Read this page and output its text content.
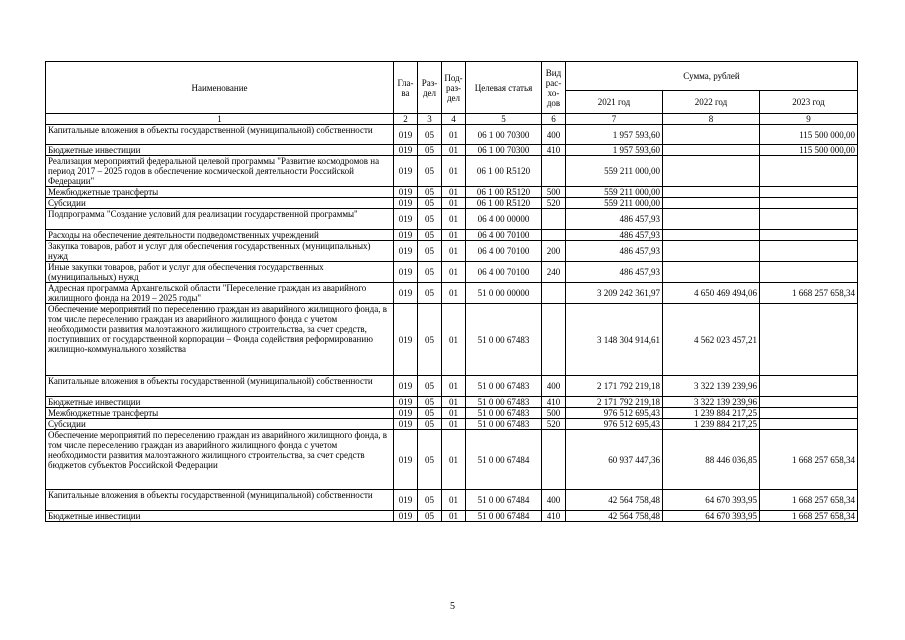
Наименование	Гла-ва	Раз-дел	Под-раз-дел	Целевая статья	Вид рас-хо-дов	Сумма, рублей		
						2021 год	2022 год	2023 год
1	2	3	4	5	6	7	8	9
Капитальные вложения в объекты государственной (муниципальной) собственности	019	05	01	06 1 00 70300	400	1 957 593,60		115 500 000,00
Бюджетные инвестиции	019	05	01	06 1 00 70300	410	1 957 593,60		115 500 000,00
Реализация мероприятий федеральной целевой программы "Развитие космодромов на период 2017 – 2025 годов в обеспечение космической деятельности Российской Федерации"	019	05	01	06 1 00 R5120		559 211 000,00		
Межбюджетные трансферты	019	05	01	06 1 00 R5120	500	559 211 000,00		
Субсидии	019	05	01	06 1 00 R5120	520	559 211 000,00		
Подпрограмма "Создание условий для реализации государственной программы"	019	05	01	06 4 00 00000		486 457,93		
Расходы на обеспечение деятельности подведомственных учреждений	019	05	01	06 4 00 70100		486 457,93		
Закупка товаров, работ и услуг для обеспечения государственных (муниципальных) нужд	019	05	01	06 4 00 70100	200	486 457,93		
Иные закупки товаров, работ и услуг для обеспечения государственных (муниципальных) нужд	019	05	01	06 4 00 70100	240	486 457,93		
Адресная программа Архангельской области "Переселение граждан из аварийного жилищного фонда на 2019 – 2025 годы"	019	05	01	51 0 00 00000		3 209 242 361,97	4 650 469 494,06	1 668 257 658,34
Обеспечение мероприятий по переселению граждан из аварийного жилищного фонда, в том числе переселению граждан из аварийного жилищного фонда с учетом необходимости развития малоэтажного жилищного строительства, за счет средств, поступивших от государственной корпорации – Фонда содействия реформированию жилищно-коммунального хозяйства	019	05	01	51 0 00 67483		3 148 304 914,61	4 562 023 457,21	
Капитальные вложения в объекты государственной (муниципальной) собственности	019	05	01	51 0 00 67483	400	2 171 792 219,18	3 322 139 239,96	
Бюджетные инвестиции	019	05	01	51 0 00 67483	410	2 171 792 219,18	3 322 139 239,96	
Межбюджетные трансферты	019	05	01	51 0 00 67483	500	976 512 695,43	1 239 884 217,25	
Субсидии	019	05	01	51 0 00 67483	520	976 512 695,43	1 239 884 217,25	
Обеспечение мероприятий по переселению граждан из аварийного жилищного фонда, в том числе переселению граждан из аварийного жилищного фонда с учетом необходимости развития малоэтажного жилищного строительства, за счет средств бюджетов субъектов Российской Федерации	019	05	01	51 0 00 67484		60 937 447,36	88 446 036,85	1 668 257 658,34
Капитальные вложения в объекты государственной (муниципальной) собственности	019	05	01	51 0 00 67484	400	42 564 758,48	64 670 393,95	1 668 257 658,34
Бюджетные инвестиции	019	05	01	51 0 00 67484	410	42 564 758,48	64 670 393,95	1 668 257 658,34
5
